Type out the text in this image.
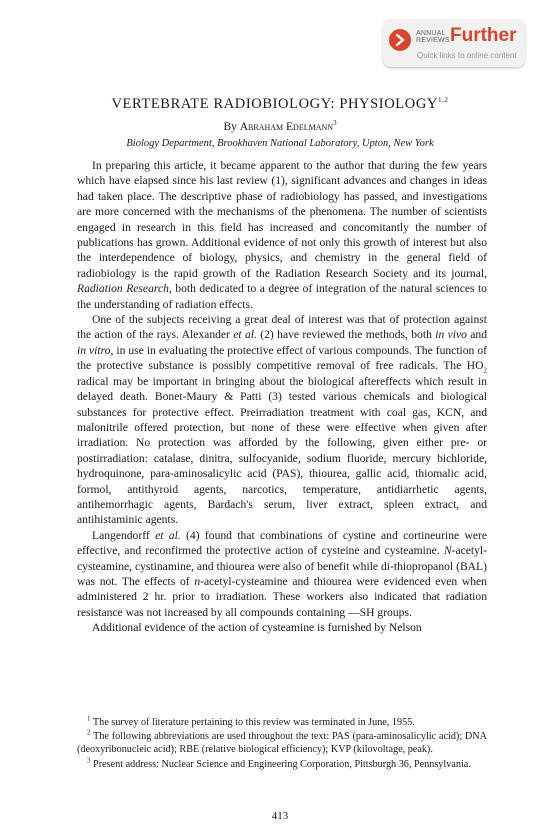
ANNUAL
REVIEWS Further
Quick links to online content
VERTEBRATE RADIOBIOLOGY: PHYSIOLOGY$^{1,2}$
By Abraham Edelmann$^3$
Biology Department, Brookhaven National Laboratory, Upton, New York

In preparing this article, it became apparent to the author that during the few years which have elapsed since his last review (1), significant advances and changes in ideas had taken place. The descriptive phase of radiobiology has passed, and investigations are more concerned with the mechanisms of the phenomena. The number of scientists engaged in research in this field has increased and concomitantly the number of publications has grown. Additional evidence of not only this growth of interest but also the interdependence of biology, physics, and chemistry in the general field of radiobiology is the rapid growth of the Radiation Research Society and its journal, Radiation Research, both dedicated to a degree of integration of the natural sciences to the understanding of radiation effects.

One of the subjects receiving a great deal of interest was that of protection against the action of the rays. Alexander et al. (2) have reviewed the methods, both in vivo and in vitro, in use in evaluating the protective effect of various compounds. The function of the protective substance is possibly competitive removal of free radicals. The $HO_2$ radical may be important in bringing about the biological aftereffects which result in delayed death. Bonet-Maury & Patti (3) tested various chemicals and biological substances for protective effect. Preirradiation treatment with coal gas, KCN, and malonitrile offered protection, but none of these were effective when given after irradiation. No protection was afforded by the following, given either pre- or postirradiation: catalase, dinitra, sulfocyanide, sodium fluoride, mercury bichloride, hydroquinone, para-aminosalicylic acid (PAS), thiourea, gallic acid, thiomalic acid, formol, antithyroid agents, narcotics, temperature, antidiarrhetic agents, antihemorrhagic agents, Bardach's serum, liver extract, spleen extract, and antihistaminic agents.

Langendorff et al. (4) found that combinations of cystine and cortineurine were effective, and reconfirmed the protective action of cysteine and cysteamine. N-acetyl-cysteamine, cystinamine, and thiourea were also of benefit while di-thiopropanol (BAL) was not. The effects of n-acetyl-cysteamine and thiourea were evidenced even when administered 2 hr. prior to irradiation. These workers also indicated that radiation resistance was not increased by all compounds containing —SH groups.

Additional evidence of the action of cysteamine is furnished by Nelson

$^1$ The survey of literature pertaining to this review was terminated in June, 1955.

$^2$ The following abbreviations are used throughout the text: PAS (para-aminosalicylic acid); DNA (deoxyribonucleic acid); RBE (relative biological efficiency); KVP (kilovoltage, peak).

$^3$ Present address: Nuclear Science and Engineering Corporation, Pittsburgh 36, Pennsylvania.

413
